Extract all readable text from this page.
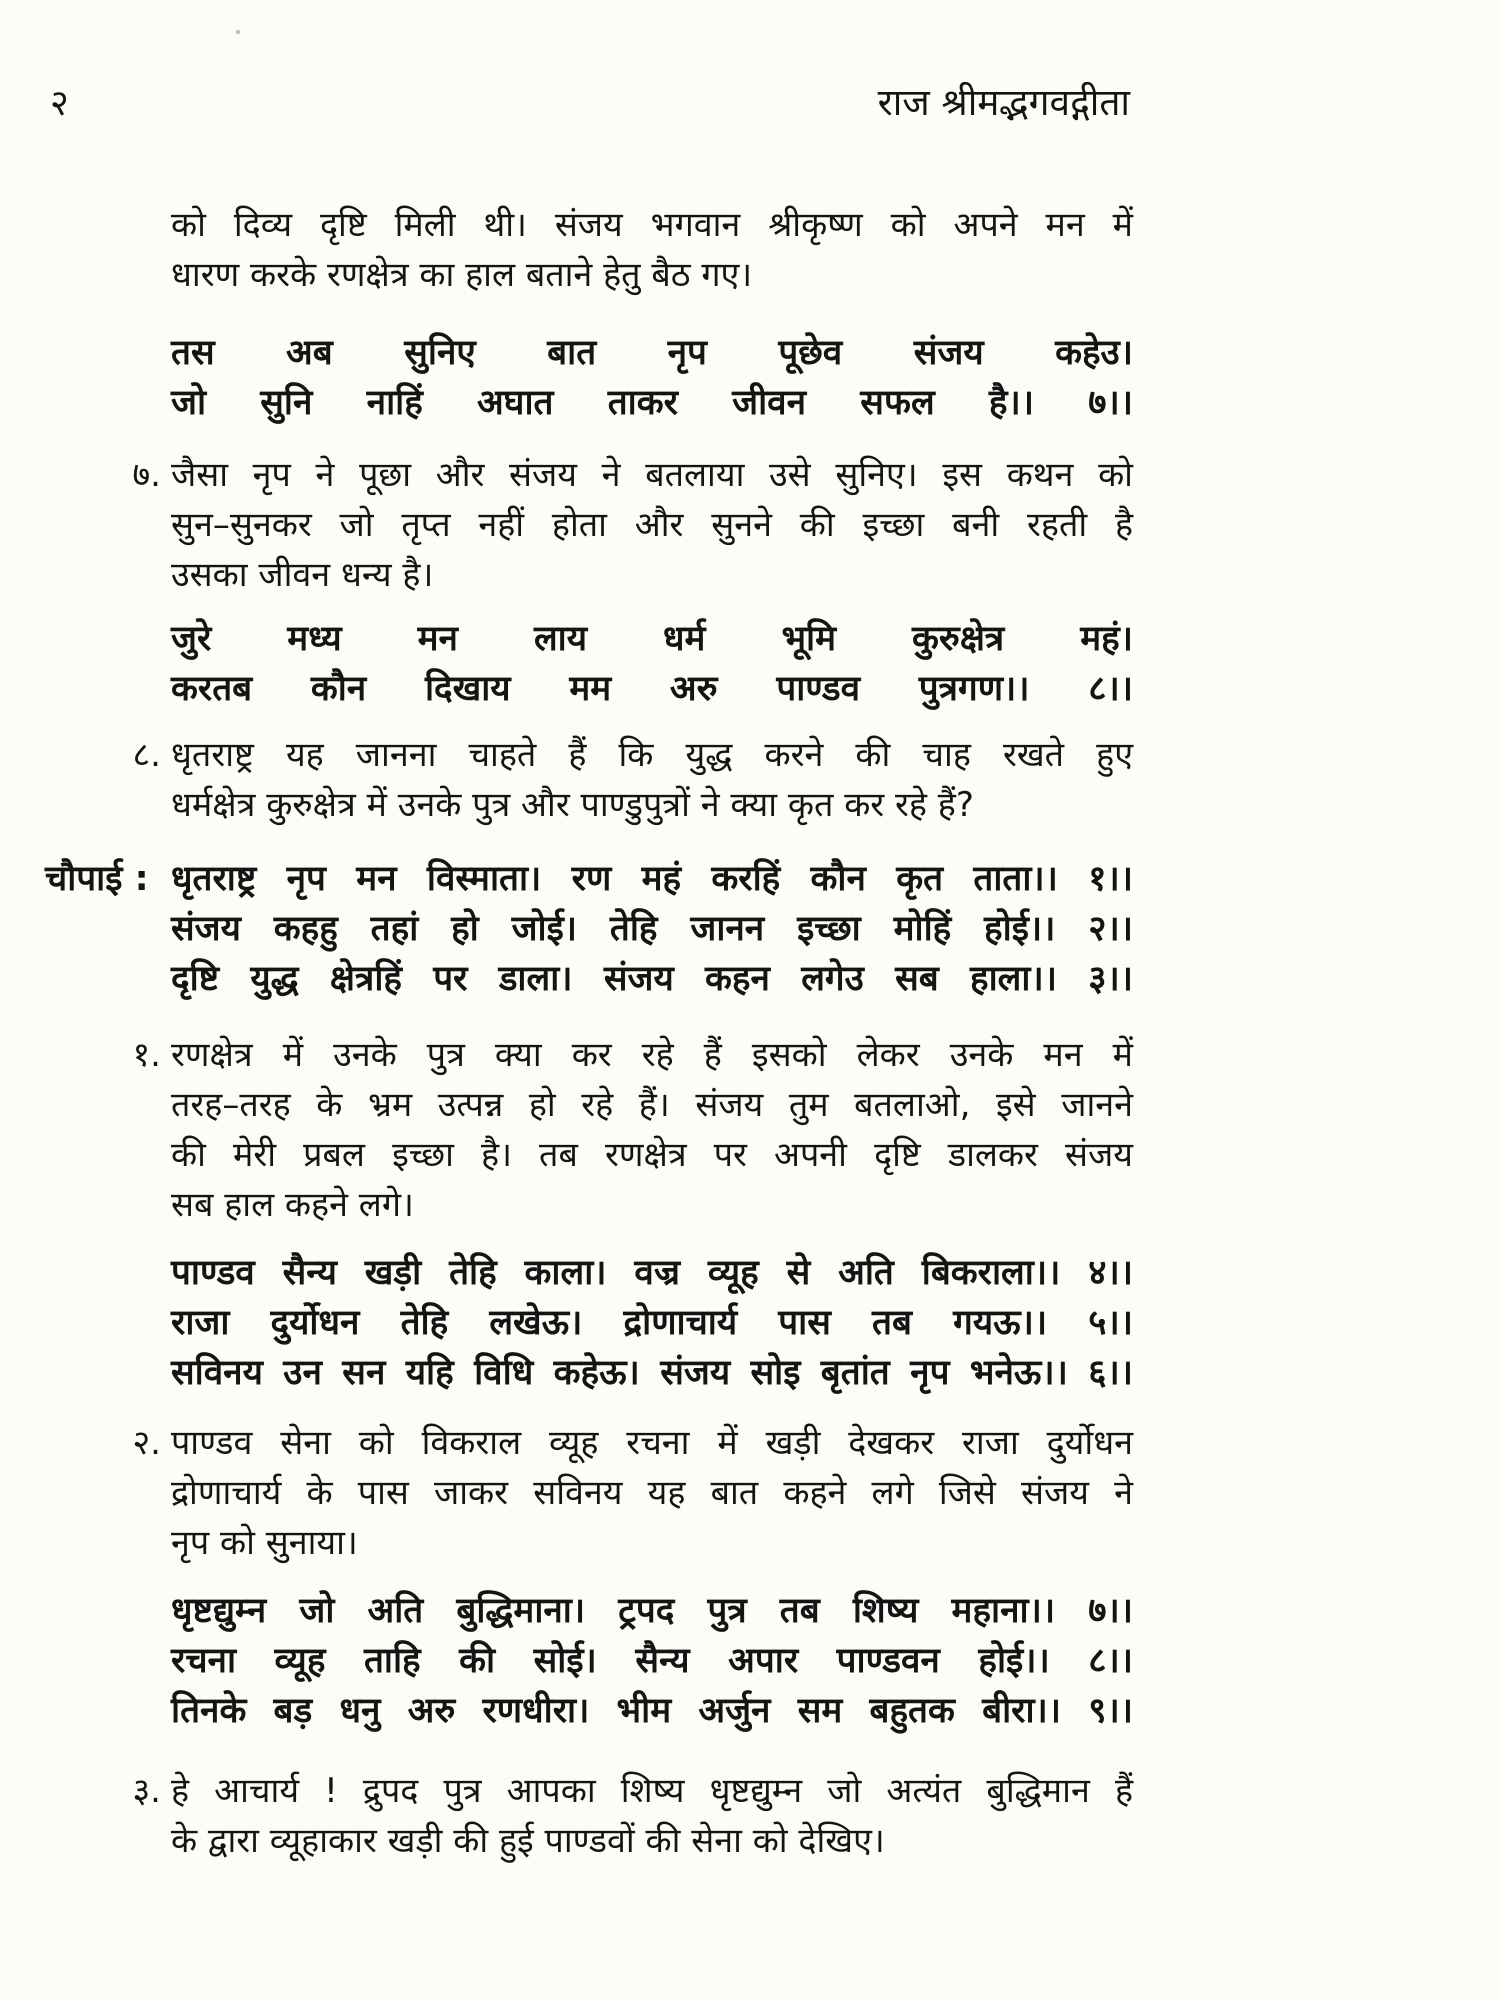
२	राज श्रीमद्भगवद्गीता
को दिव्य दृष्टि मिली थी। संजय भगवान श्रीकृष्ण को अपने मन में
धारण करके रणक्षेत्र का हाल बताने हेतु बैठ गए।
तस अब सुनिए बात नृप पूछेव संजय कहेउ।
जो सुनि नाहिं अघात ताकर जीवन सफल है।। ७।।
७. जैसा नृप ने पूछा और संजय ने बतलाया उसे सुनिए। इस कथन को
सुन–सुनकर जो तृप्त नहीं होता और सुनने की इच्छा बनी रहती है
उसका जीवन धन्य है।
जुरे मध्य मन लाय धर्म भूमि कुरुक्षेत्र महं।
करतब कौन दिखाय मम अरु पाण्डव पुत्रगण।। ८।।
८. धृतराष्ट्र यह जानना चाहते हैं कि युद्ध करने की चाह रखते हुए
धर्मक्षेत्र कुरुक्षेत्र में उनके पुत्र और पाण्डुपुत्रों ने क्या कृत कर रहे हैं?
चौपाई : धृतराष्ट्र नृप मन विस्माता। रण महं करहिं कौन कृत ताता।। १।।
संजय कहहु तहां हो जोई। तेहि जानन इच्छा मोहिं होई।। २।।
दृष्टि युद्ध क्षेत्रहिं पर डाला। संजय कहन लगेउ सब हाला।। ३।।
१. रणक्षेत्र में उनके पुत्र क्या कर रहे हैं इसको लेकर उनके मन में
तरह–तरह के भ्रम उत्पन्न हो रहे हैं। संजय तुम बतलाओ, इसे जानने
की मेरी प्रबल इच्छा है। तब रणक्षेत्र पर अपनी दृष्टि डालकर संजय
सब हाल कहने लगे।
पाण्डव सैन्य खड़ी तेहि काला। वज्र व्यूह से अति बिकराला।। ४।।
राजा दुर्योधन तेहि लखेऊ। द्रोणाचार्य पास तब गयऊ।। ५।।
सविनय उन सन यहि विधि कहेऊ। संजय सोइ बृतांत नृप भनेऊ।। ६।।
२. पाण्डव सेना को विकराल व्यूह रचना में खड़ी देखकर राजा दुर्योधन
द्रोणाचार्य के पास जाकर सविनय यह बात कहने लगे जिसे संजय ने
नृप को सुनाया।
धृष्टद्युम्न जो अति बुद्धिमाना। ट्रपद पुत्र तब शिष्य महाना।। ७।।
रचना व्यूह ताहि की सोई। सैन्य अपार पाण्डवन होई।। ८।।
तिनके बड़ धनु अरु रणधीरा। भीम अर्जुन सम बहुतक बीरा।। ९।।
३. हे आचार्य ! द्रुपद पुत्र आपका शिष्य धृष्टद्युम्न जो अत्यंत बुद्धिमान हैं
के द्वारा व्यूहाकार खड़ी की हुई पाण्डवों की सेना को देखिए।
